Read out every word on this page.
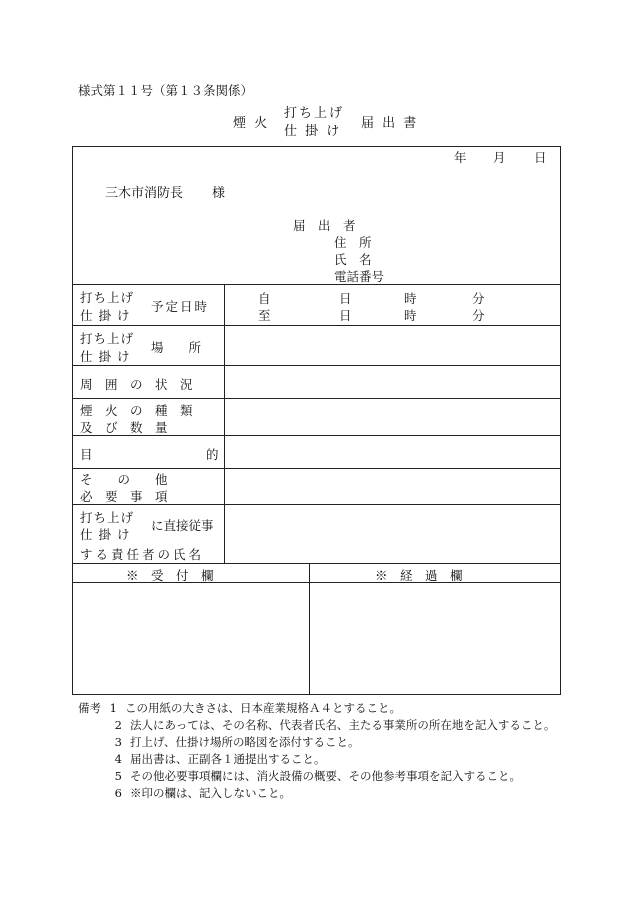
様式第１１号（第１３条関係）
煙 火
打ち上げ
仕 掛 け
届 出 書
年 月 日
三木市消防長 様
届　出　者
住　所
氏　名
電話番号
打ち上げ
仕 掛 け
予定日時
自	日	時	分
至	日	時	分
打ち上げ
仕 掛 け
場　　所
周　囲　の　状　況
煙　火　の　種　類
及　び　数　量
目	的
そ　　の　　他
必　要　事　項
打ち上げ
仕 掛 け
に直接従事
する責任者の氏名
※　受　付　欄	※　経　過　欄
備考 1 この用紙の大きさは、日本産業規格Ａ４とすること。
2 法人にあっては、その名称、代表者氏名、主たる事業所の所在地を記入すること。
3 打上げ、仕掛け場所の略図を添付すること。
4 届出書は、正副各１通提出すること。
5 その他必要事項欄には、消火設備の概要、その他参考事項を記入すること。
6 ※印の欄は、記入しないこと。
